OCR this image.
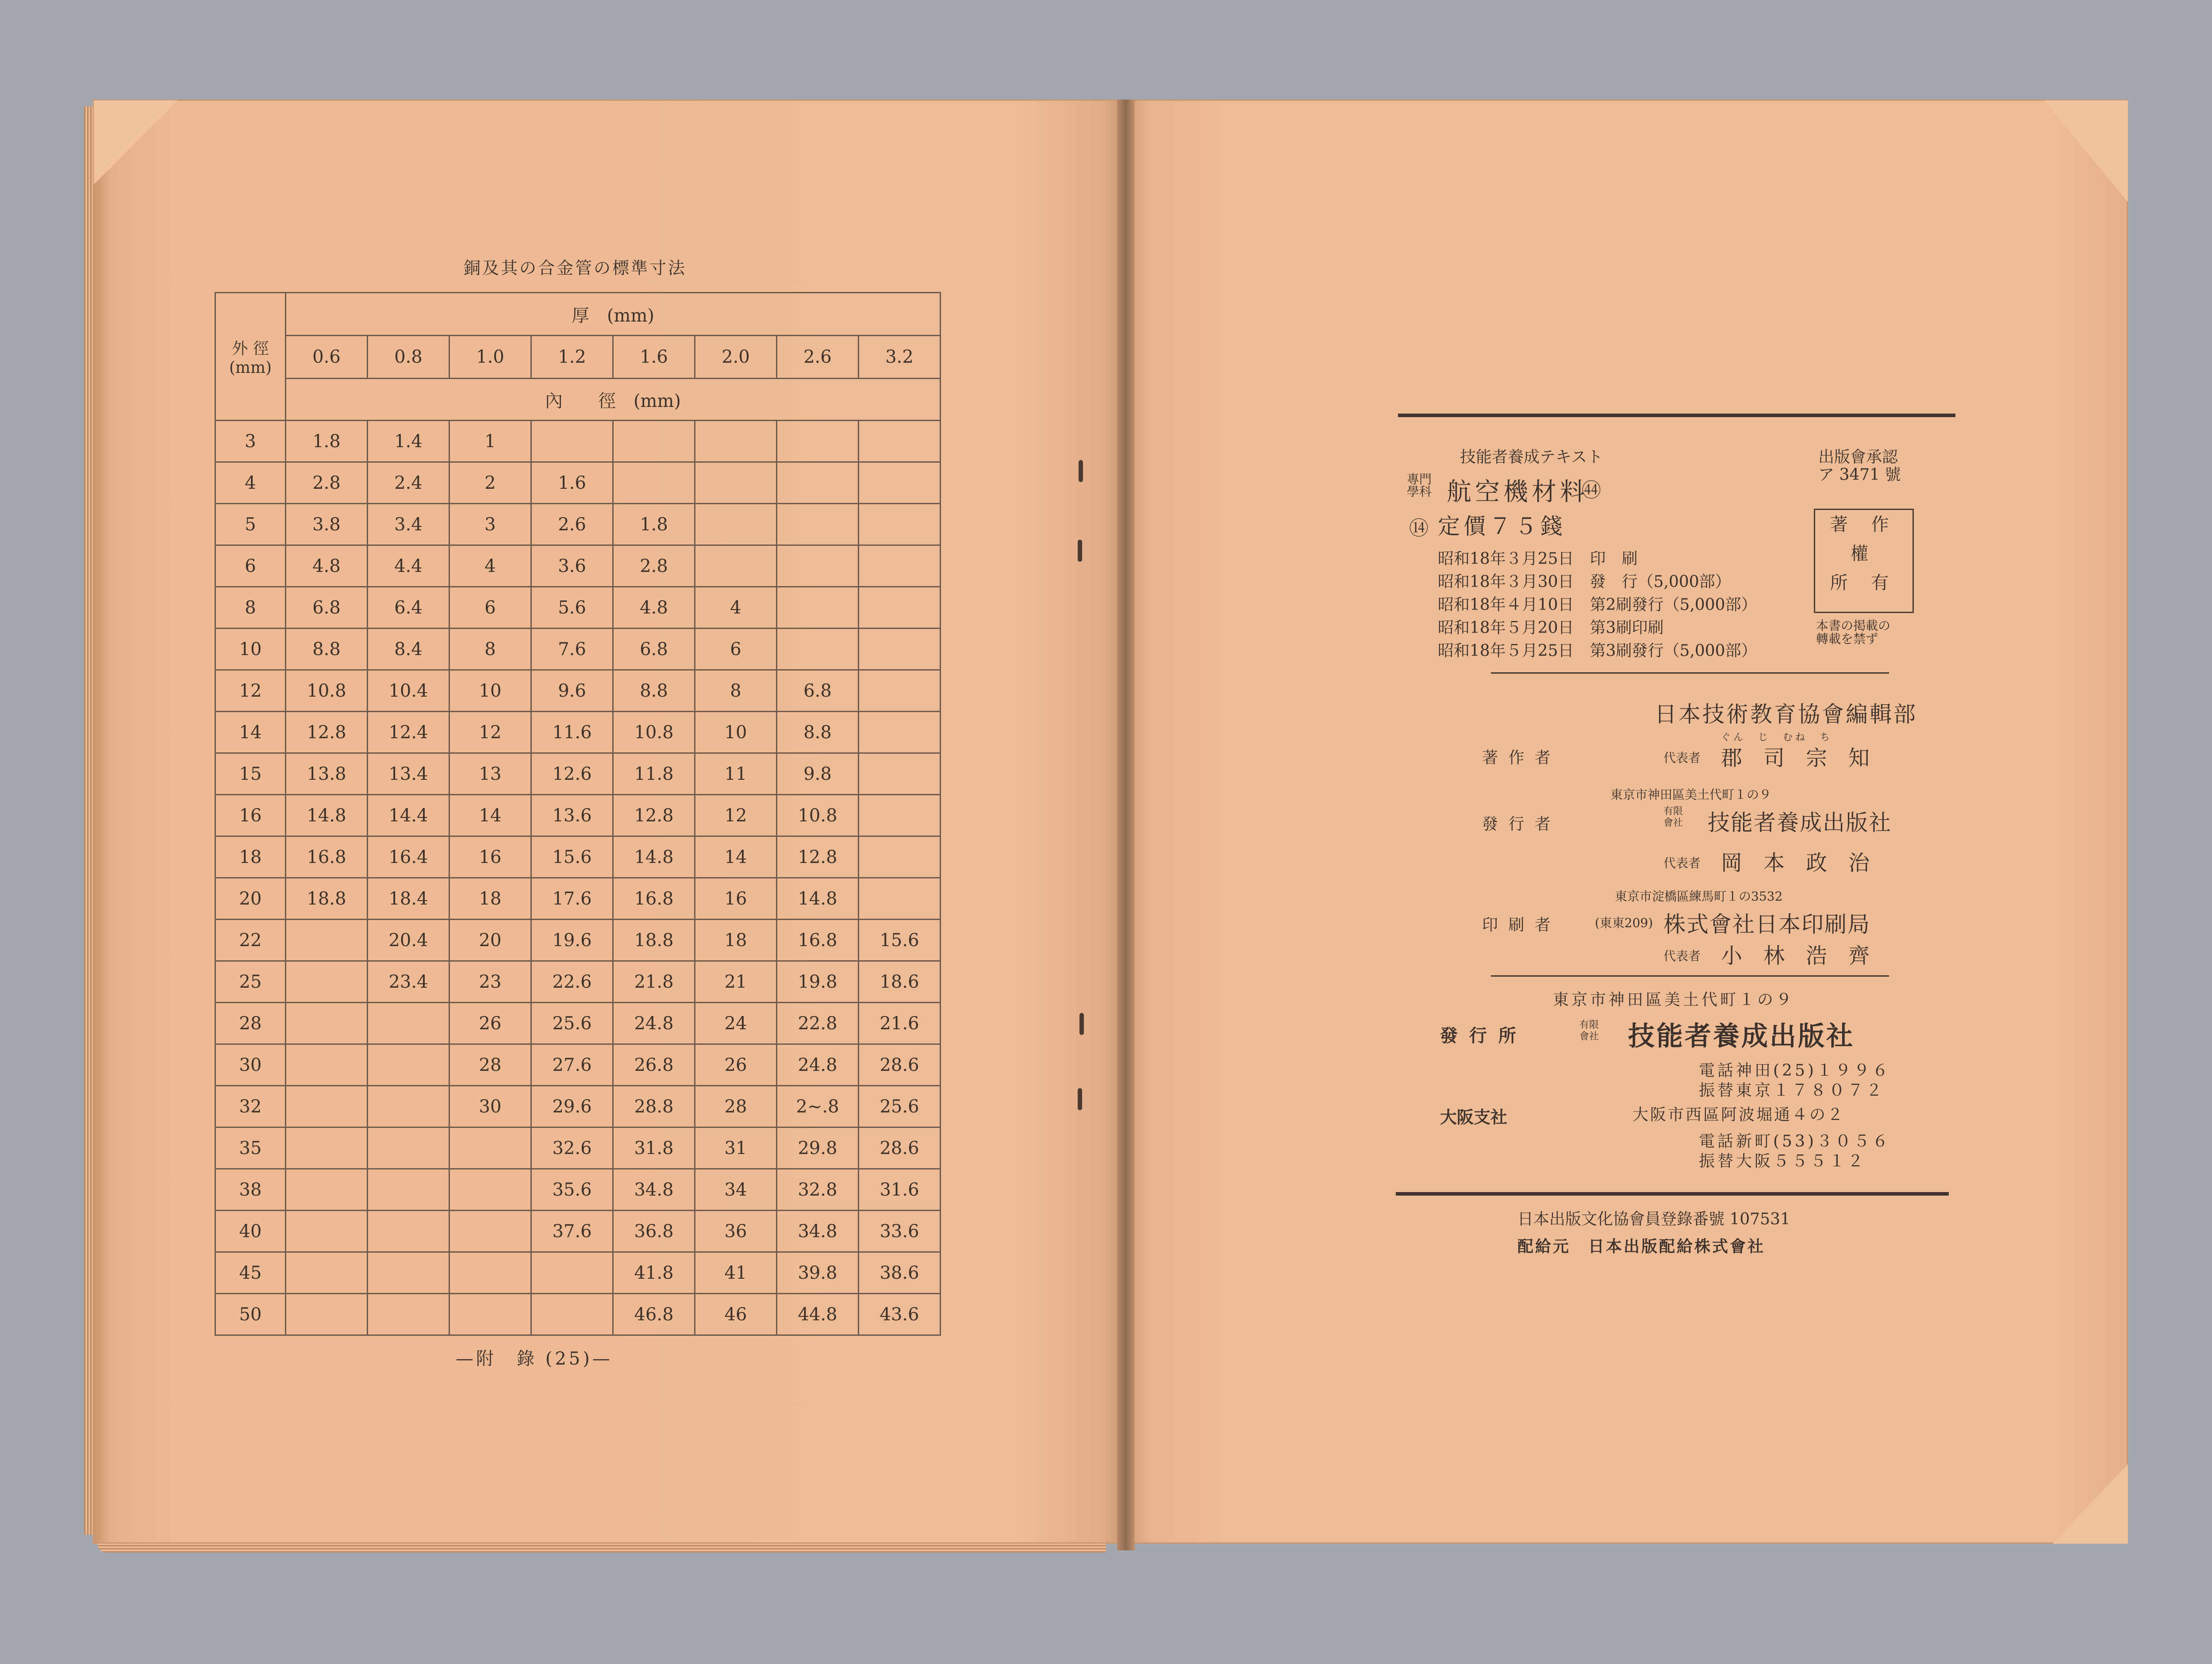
銅及其の合金管の標準寸法
外 徑
(mm)	厚　(mm)							
	0.6	0.8	1.0	1.2	1.6	2.0	2.6	3.2
	內　　徑　(mm)							
3	1.8	1.4	1					
4	2.8	2.4	2	1.6				
5	3.8	3.4	3	2.6	1.8			
6	4.8	4.4	4	3.6	2.8			
8	6.8	6.4	6	5.6	4.8	4		
10	8.8	8.4	8	7.6	6.8	6		
12	10.8	10.4	10	9.6	8.8	8	6.8	
14	12.8	12.4	12	11.6	10.8	10	8.8	
15	13.8	13.4	13	12.6	11.8	11	9.8	
16	14.8	14.4	14	13.6	12.8	12	10.8	
18	16.8	16.4	16	15.6	14.8	14	12.8	
20	18.8	18.4	18	17.6	16.8	16	14.8	
22		20.4	20	19.6	18.8	18	16.8	15.6
25		23.4	23	22.6	21.8	21	19.8	18.6
28			26	25.6	24.8	24	22.8	21.6
30			28	27.6	26.8	26	24.8	28.6
32			30	29.6	28.8	28	2~.8	25.6
35				32.6	31.8	31	29.8	28.6
38				35.6	34.8	34	32.8	31.6
40				37.6	36.8	36	34.8	33.6
45					41.8	41	39.8	38.6
50					46.8	46	44.8	43.6
—附　錄 (25)—
技能者養成テキスト	出版會承認
ア 3471 號
專門
學科 航空機材料
㊹
⑭ 定價７５錢
昭和18年３月25日　印　刷
昭和18年３月30日　發　行（5,000部）
昭和18年４月10日　第2刷發行（5,000部）
昭和18年５月20日　第3刷印刷
昭和18年５月25日　第3刷發行（5,000部）
著 作
權
所 有
本書の掲載の
轉載を禁ず
日本技術教育協會編輯部
著 作 者	代表者
ぐん　じ　むね　ち
郡　司　宗　知
東京市神田區美土代町１の９
發 行 者
有限
會社 技能者養成出版社
代表者 岡　本　政　治
東京市淀橋區練馬町１の3532
印 刷 者	(東東209) 株式會社日本印刷局
代表者 小　林　浩　齊
東京市神田區美土代町１の９
發 行 所
有限
會社 技能者養成出版社
電話神田(25)１９９６
振替東京１７８０７２
大阪支社	大阪市西區阿波堀通４の２
電話新町(53)３０５６
振替大阪５５５１２
日本出版文化協會員登錄番號 107531
配給元　日本出版配給株式會社
